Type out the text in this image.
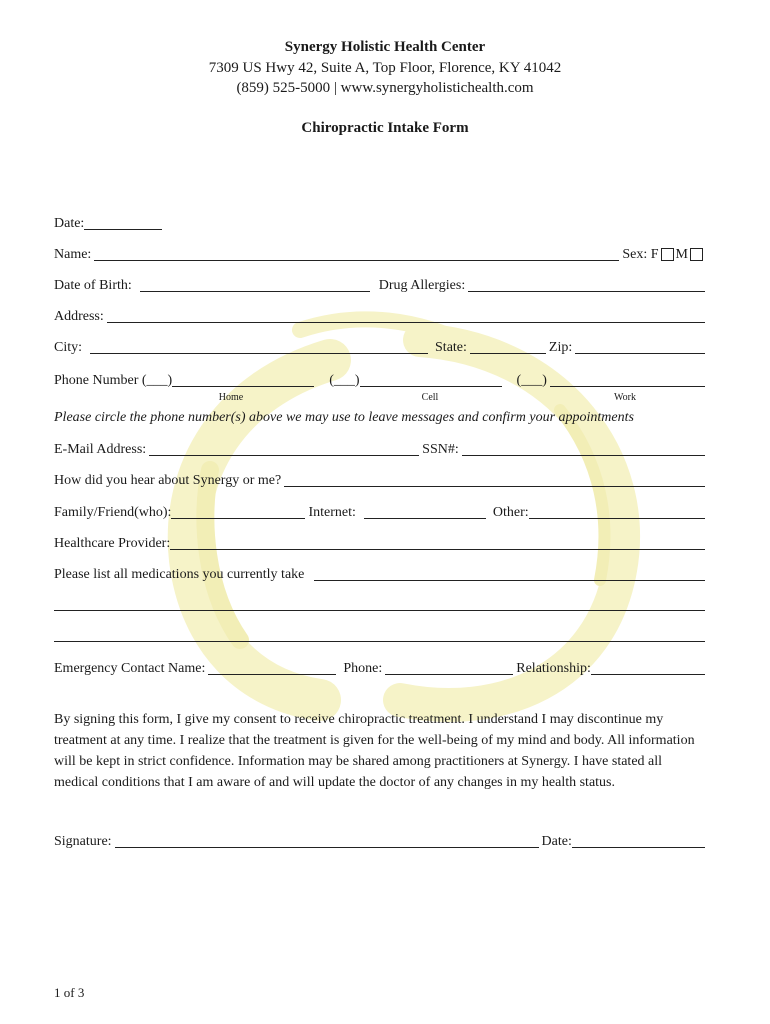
Synergy Holistic Health Center
7309 US Hwy 42, Suite A, Top Floor, Florence, KY 41042
(859) 525-5000 | www.synergyholistichealth.com
Chiropractic Intake Form
Date:
Name:	Sex: F M
Date of Birth:	Drug Allergies:
Address:
City:	State:	Zip:
Phone Number (___)	(___)	(___)
Home	Cell	Work
Please circle the phone number(s) above we may use to leave messages and confirm your appointments
E-Mail Address:	SSN#:
How did you hear about Synergy or me?
Family/Friend(who):	Internet:	Other:
Healthcare Provider:
Please list all medications you currently take
Emergency Contact Name:	Phone:	Relationship:
By signing this form, I give my consent to receive chiropractic treatment. I understand I may discontinue my
treatment at any time. I realize that the treatment is given for the well-being of my mind and body. All information
will be kept in strict confidence. Information may be shared among practitioners at Synergy. I have stated all
medical conditions that I am aware of and will update the doctor of any changes in my health status.
Signature:	Date:
1 of 3
